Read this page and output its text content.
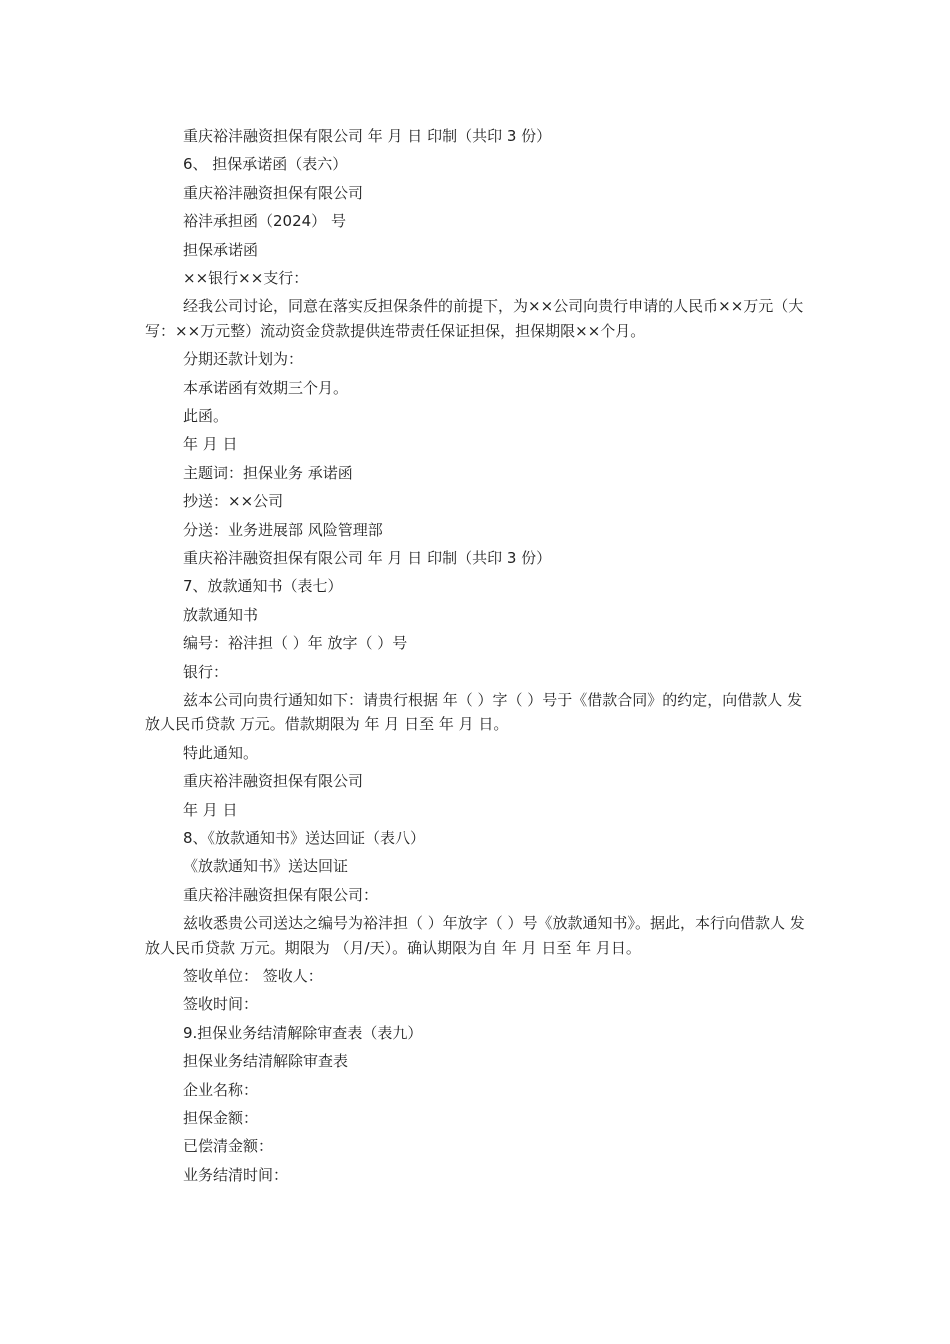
重庆裕沣融资担保有限公司 年 月 日 印制（共印 3 份）

6、 担保承诺函（表六）

重庆裕沣融资担保有限公司

裕沣承担函（2024） 号

担保承诺函

××银行××支行：

经我公司讨论，同意在落实反担保条件的前提下，为××公司向贵行申请的人民币××万元（大写：××万元整）流动资金贷款提供连带责任保证担保，担保期限××个月。

分期还款计划为：

本承诺函有效期三个月。

此函。

年 月 日

主题词：担保业务 承诺函

抄送：××公司

分送：业务进展部 风险管理部

重庆裕沣融资担保有限公司 年 月 日 印制（共印 3 份）

7、放款通知书（表七）

放款通知书

编号：裕沣担（ ）年 放字（ ）号

银行：

兹本公司向贵行通知如下：请贵行根据 年（ ）字（ ）号于《借款合同》的约定，向借款人 发放人民币贷款 万元。借款期限为 年 月 日至 年 月 日。

特此通知。

重庆裕沣融资担保有限公司

年 月 日

8、《放款通知书》送达回证（表八）

《放款通知书》送达回证

重庆裕沣融资担保有限公司：

兹收悉贵公司送达之编号为裕沣担（ ）年放字（ ）号《放款通知书》。据此，本行向借款人 发放人民币贷款 万元。期限为 （月/天）。确认期限为自 年 月 日至 年 月日。

签收单位： 签收人：

签收时间：

9.担保业务结清解除审查表（表九）

担保业务结清解除审查表

企业名称：

担保金额：

已偿清金额：

业务结清时间：
